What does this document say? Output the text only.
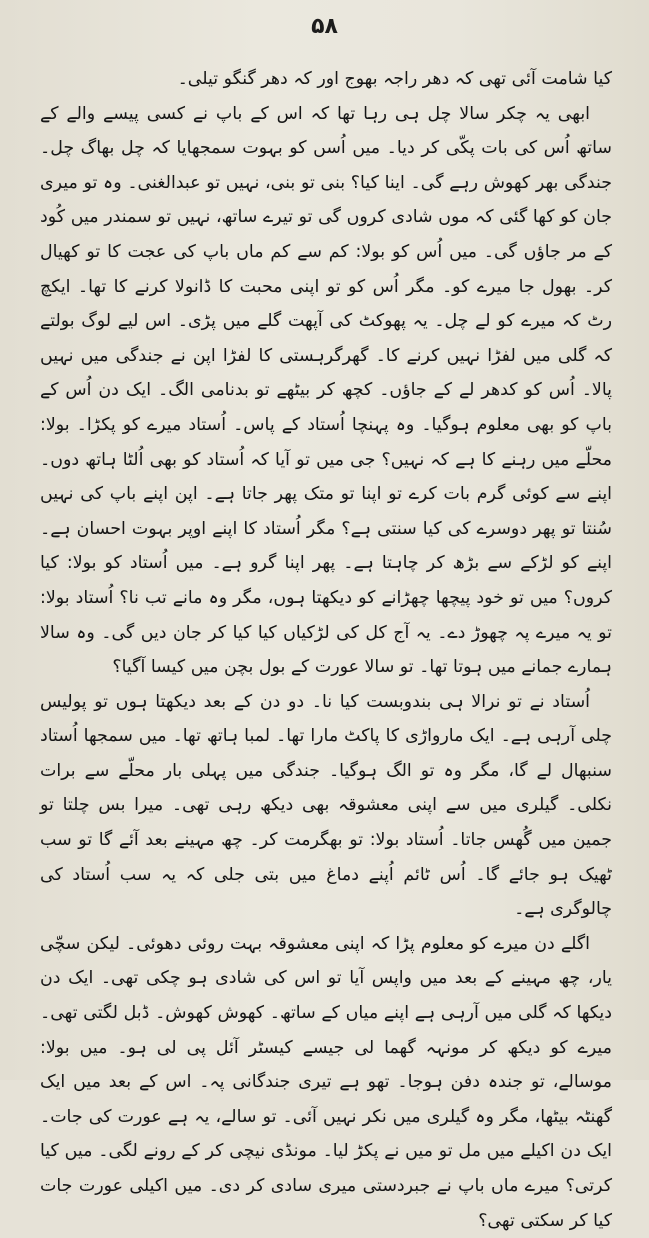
۵۸

کیا شامت آئی تھی کہ دھر راجہ بھوج اور کہ دھر گنگو تیلی۔

ابھی یہ چکر سالا چل ہی رہا تھا کہ اس کے باپ نے کسی پیسے والے کے ساتھ اُس کی بات پکّی کر دیا۔ میں اُسں کو بہوت سمجھایا کہ چل بھاگ چل۔ جندگی بھر کھوش رہے گی۔ اینا کیا؟ بنی تو بنی، نہیں تو عبدالغنی۔ وہ تو میری جان کو کھا گئی کہ موں شادی کروں گی تو تیرے ساتھ، نہیں تو سمندر میں کُود کے مر جاؤں گی۔ میں اُس کو بولا: کم سے کم ماں باپ کی عجت کا تو کھیال کر۔ بھول جا میرے کو۔ مگر اُس کو تو اپنی محبت کا ڈانولا کرنے کا تھا۔ ایکچ رٹ کہ میرے کو لے چل۔ یہ پھوکٹ کی آپھت گلے میں پڑی۔ اس لیے لوگ بولتے کہ گلی میں لفڑا نہیں کرنے کا۔ گھرگرہستی کا لفڑا اپن نے جندگی میں نہیں پالا۔ اُس کو کدھر لے کے جاؤں۔ کچھ کر بیٹھے تو بدنامی الگ۔ ایک دن اُس کے باپ کو بھی معلوم ہوگیا۔ وہ پہنچا اُستاد کے پاس۔ اُستاد میرے کو پکڑا۔ بولا: محلّے میں رہنے کا ہے کہ نہیں؟ جی میں تو آیا کہ اُستاد کو بھی اُلٹا ہاتھ دوں۔ اپنے سے کوئی گرم بات کرے تو اپنا تو متک پھر جاتا ہے۔ اپن اپنے باپ کی نہیں سُنتا تو پھر دوسرے کی کیا سنتی ہے؟ مگر اُستاد کا اپنے اوپر بہوت احسان ہے۔ اپنے کو لڑکے سے بڑھ کر چاہتا ہے۔ پھر اپنا گرو ہے۔ میں اُستاد کو بولا: کیا کروں؟ میں تو خود پیچھا چھڑانے کو دیکھتا ہوں، مگر وہ مانے تب نا؟ اُستاد بولا: تو یہ میرے پہ چھوڑ دے۔ یہ آج کل کی لڑکیاں کیا کیا کر جان دیں گی۔ وہ سالا ہمارے جمانے میں ہوتا تھا۔ تو سالا عورت کے بول بچن میں کیسا آگیا؟

اُستاد نے تو نرالا ہی بندوبست کیا نا۔ دو دن کے بعد دیکھتا ہوں تو پولیس چلی آرہی ہے۔ ایک مارواڑی کا پاکٹ مارا تھا۔ لمبا ہاتھ تھا۔ میں سمجھا اُستاد سنبھال لے گا، مگر وہ تو الگ ہوگیا۔ جندگی میں پہلی بار محلّے سے برات نکلی۔ گیلری میں سے اپنی معشوقہ بھی دیکھ رہی تھی۔ میرا بس چلتا تو جمین میں گُھس جاتا۔ اُستاد بولا: تو بھگرمت کر۔ چھ مہینے بعد آئے گا تو سب ٹھیک ہو جائے گا۔ اُس ٹائم اُپنے دماغ میں بتی جلی کہ یہ سب اُستاد کی چالوگری ہے۔

اگلے دن میرے کو معلوم پڑا کہ اپنی معشوقہ بہت روئی دھوئی۔ لیکن سچّی یار، چھ مہینے کے بعد میں واپس آیا تو اس کی شادی ہو چکی تھی۔ ایک دن دیکھا کہ گلی میں آرہی ہے اپنے میاں کے ساتھ۔ کھوش کھوش۔ ڈبل لگتی تھی۔ میرے کو دیکھ کر مونہہ گھما لی جیسے کیسٹر آئل پی لی ہو۔ میں بولا: موسالے، تو جندہ دفن ہوجا۔ تھو ہے تیری جندگانی پہ۔ اس کے بعد میں ایک گھنٹہ بیٹھا، مگر وہ گیلری میں نکر نہیں آئی۔ تو سالے، یہ ہے عورت کی جات۔ ایک دن اکیلے میں مل تو میں نے پکڑ لیا۔ مونڈی نیچی کر کے رونے لگی۔ میں کیا کرتی؟ میرے ماں باپ نے جبردستی میری سادی کر دی۔ میں اکیلی عورت جات کیا کر سکتی تھی؟
